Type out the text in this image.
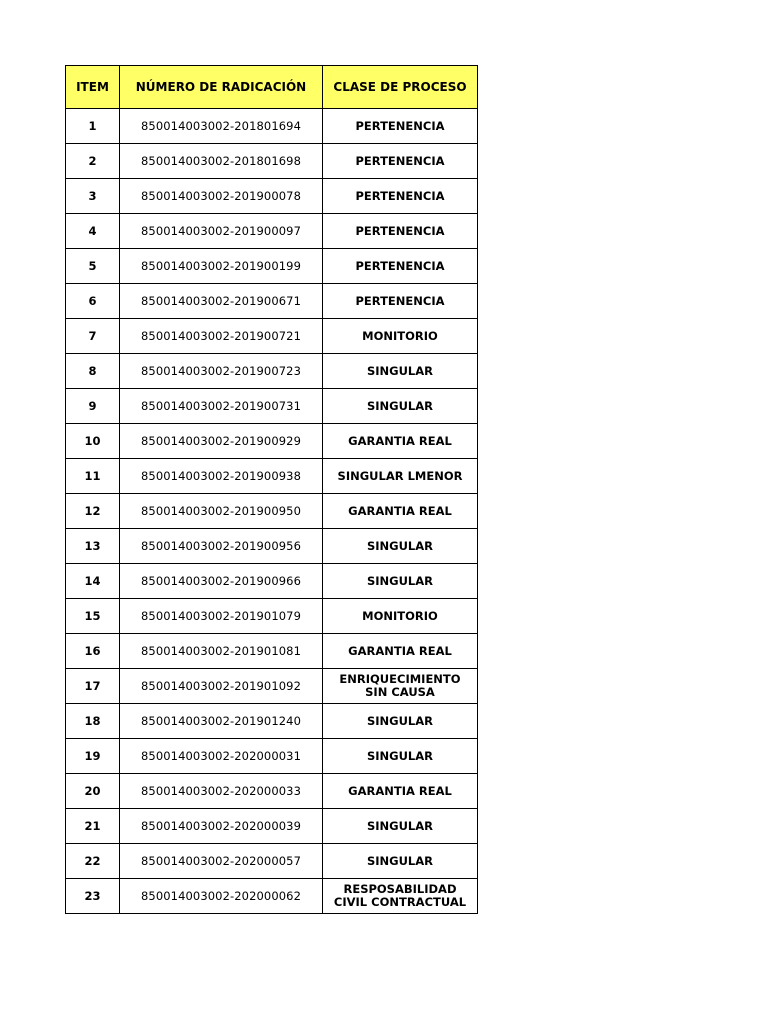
ITEM	NÚMERO DE RADICACIÓN	CLASE DE PROCESO
1	850014003002-201801694	PERTENENCIA
2	850014003002-201801698	PERTENENCIA
3	850014003002-201900078	PERTENENCIA
4	850014003002-201900097	PERTENENCIA
5	850014003002-201900199	PERTENENCIA
6	850014003002-201900671	PERTENENCIA
7	850014003002-201900721	MONITORIO
8	850014003002-201900723	SINGULAR
9	850014003002-201900731	SINGULAR
10	850014003002-201900929	GARANTIA REAL
11	850014003002-201900938	SINGULAR LMENOR
12	850014003002-201900950	GARANTIA REAL
13	850014003002-201900956	SINGULAR
14	850014003002-201900966	SINGULAR
15	850014003002-201901079	MONITORIO
16	850014003002-201901081	GARANTIA REAL
17	850014003002-201901092	ENRIQUECIMIENTO SIN CAUSA
18	850014003002-201901240	SINGULAR
19	850014003002-202000031	SINGULAR
20	850014003002-202000033	GARANTIA REAL
21	850014003002-202000039	SINGULAR
22	850014003002-202000057	SINGULAR
23	850014003002-202000062	RESPOSABILIDAD CIVIL CONTRACTUAL
